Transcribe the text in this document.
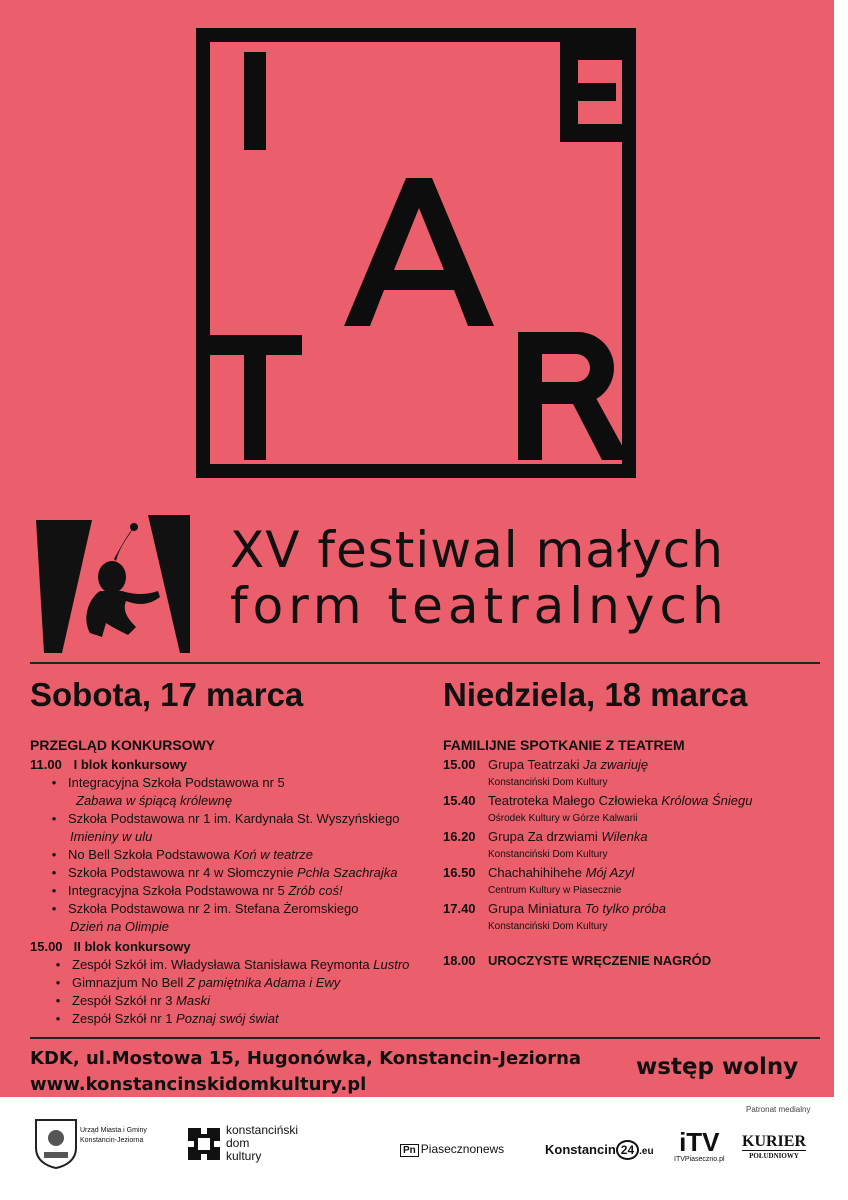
XV festiwal małych
form teatralnych
Sobota, 17 marca	Niedziela, 18 marca
PRZEGLĄD KONKURSOWY	FAMILIJNE SPOTKANIE Z TEATREM
11.00 I blok konkursowy
• Integracyjna Szkoła Podstawowa nr 5
Zabawa w śpiącą królewnę
• Szkoła Podstawowa nr 1 im. Kardynała St. Wyszyńskiego
Imieniny w ulu
• No Bell Szkoła Podstawowa Koń w teatrze
• Szkoła Podstawowa nr 4 w Słomczynie Pchła Szachrajka
• Integracyjna Szkoła Podstawowa nr 5 Zrób coś!
• Szkoła Podstawowa nr 2 im. Stefana Żeromskiego
Dzień na Olimpie
15.00 II blok konkursowy
• Zespół Szkół im. Władysława Stanisława Reymonta Lustro
• Gimnazjum No Bell Z pamiętnika Adama i Ewy
• Zespół Szkół nr 3 Maski
• Zespół Szkół nr 1 Poznaj swój świat
15.00 Grupa Teatrzaki Ja zwariuję
Konstanciński Dom Kultury
15.40 Teatroteka Małego Człowieka Królowa Śniegu
Ośrodek Kultury w Górze Kalwarii
16.20 Grupa Za drzwiami Wilenka
Konstanciński Dom Kultury
16.50 Chachahihihehe Mój Azyl
Centrum Kultury w Piasecznie
17.40 Grupa Miniatura To tylko próba
Konstanciński Dom Kultury
18.00 UROCZYSTE WRĘCZENIE NAGRÓD
KDK, ul.Mostowa 15, Hugonówka, Konstancin-Jeziorna
www.konstancinskidomkultury.pl
wstęp wolny
Patronat medialny
Urząd Miasta i Gminy
Konstancin-Jeziorna
konstanciński
dom
kultury	Pn Piasecznonews	Konstancin 24 .eu iTV
ITVPiaseczno.pl
KURIER
POŁUDNIOWY
